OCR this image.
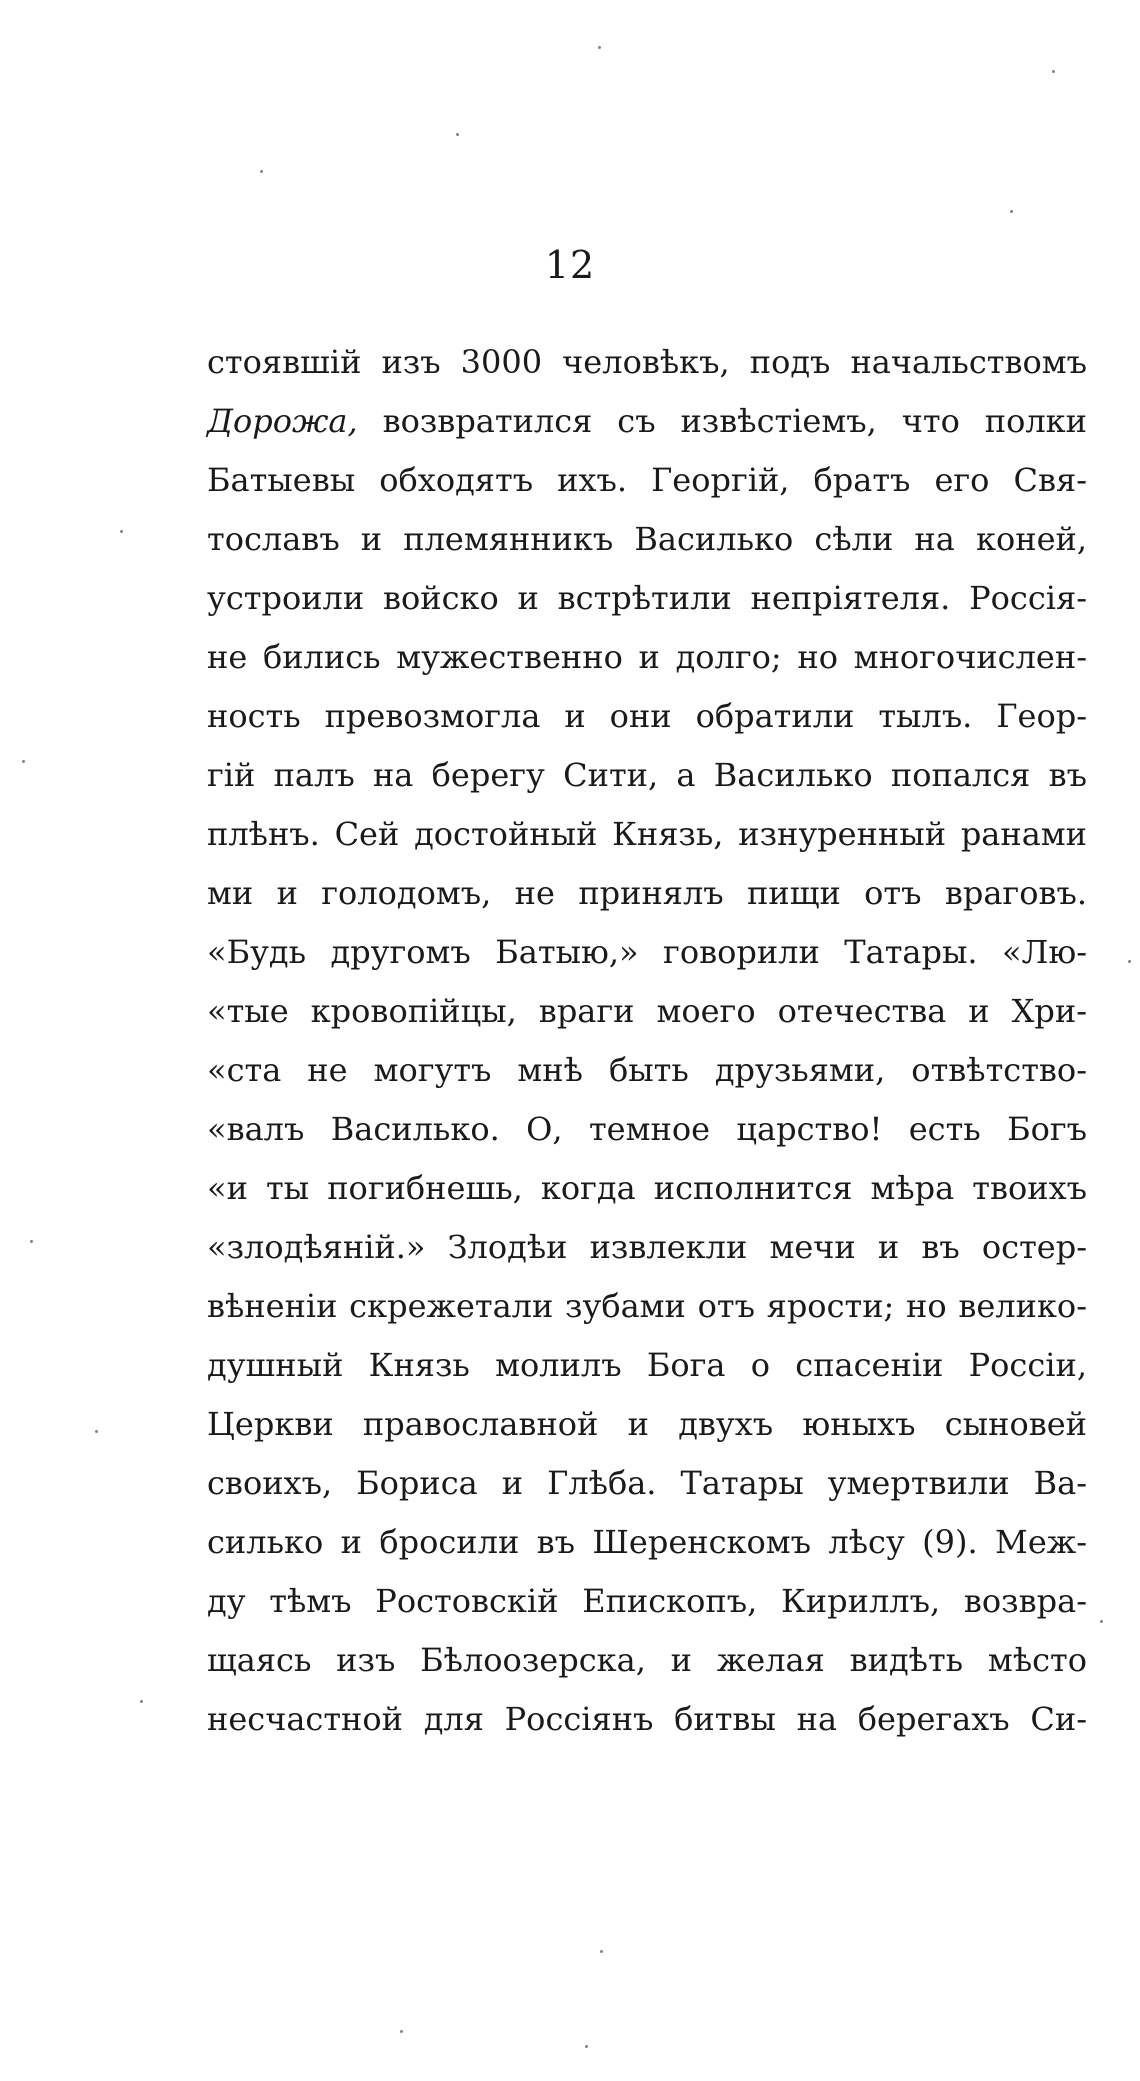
12
стоявшій изъ 3000 человѣкъ, подъ начальствомъ
Дорожа, возвратился съ извѣстіемъ, что полки
Батыевы обходятъ ихъ. Георгій, братъ его Свя-
тославъ и племянникъ Василько сѣли на коней,
устроили войско и встрѣтили непріятеля. Россія-
не бились мужественно и долго; но многочислен-
ность превозмогла и они обратили тылъ. Геор-
гій палъ на берегу Сити, а Василько попался въ
плѣнъ. Сей достойный Князь, изнуренный ранами
ми и голодомъ, не принялъ пищи отъ враговъ.
«Будь другомъ Батыю,» говорили Татары. «Лю-
«тые кровопійцы, враги моего отечества и Хри-
«ста не могутъ мнѣ быть друзьями, отвѣтство-
«валъ Василько. О, темное царство! есть Богъ
«и ты погибнешь, когда исполнится мѣра твоихъ
«злодѣяній.» Злодѣи извлекли мечи и въ остер-
вѣненіи скрежетали зубами отъ ярости; но велико-
душный Князь молилъ Бога о спасеніи Россіи,
Церкви православной и двухъ юныхъ сыновей
своихъ, Бориса и Глѣба. Татары умертвили Ва-
силько и бросили въ Шеренскомъ лѣсу (9). Меж-
ду тѣмъ Ростовскій Епископъ, Кириллъ, возвра-
щаясь изъ Бѣлоозерска, и желая видѣть мѣсто
несчастной для Россіянъ битвы на берегахъ Си-
